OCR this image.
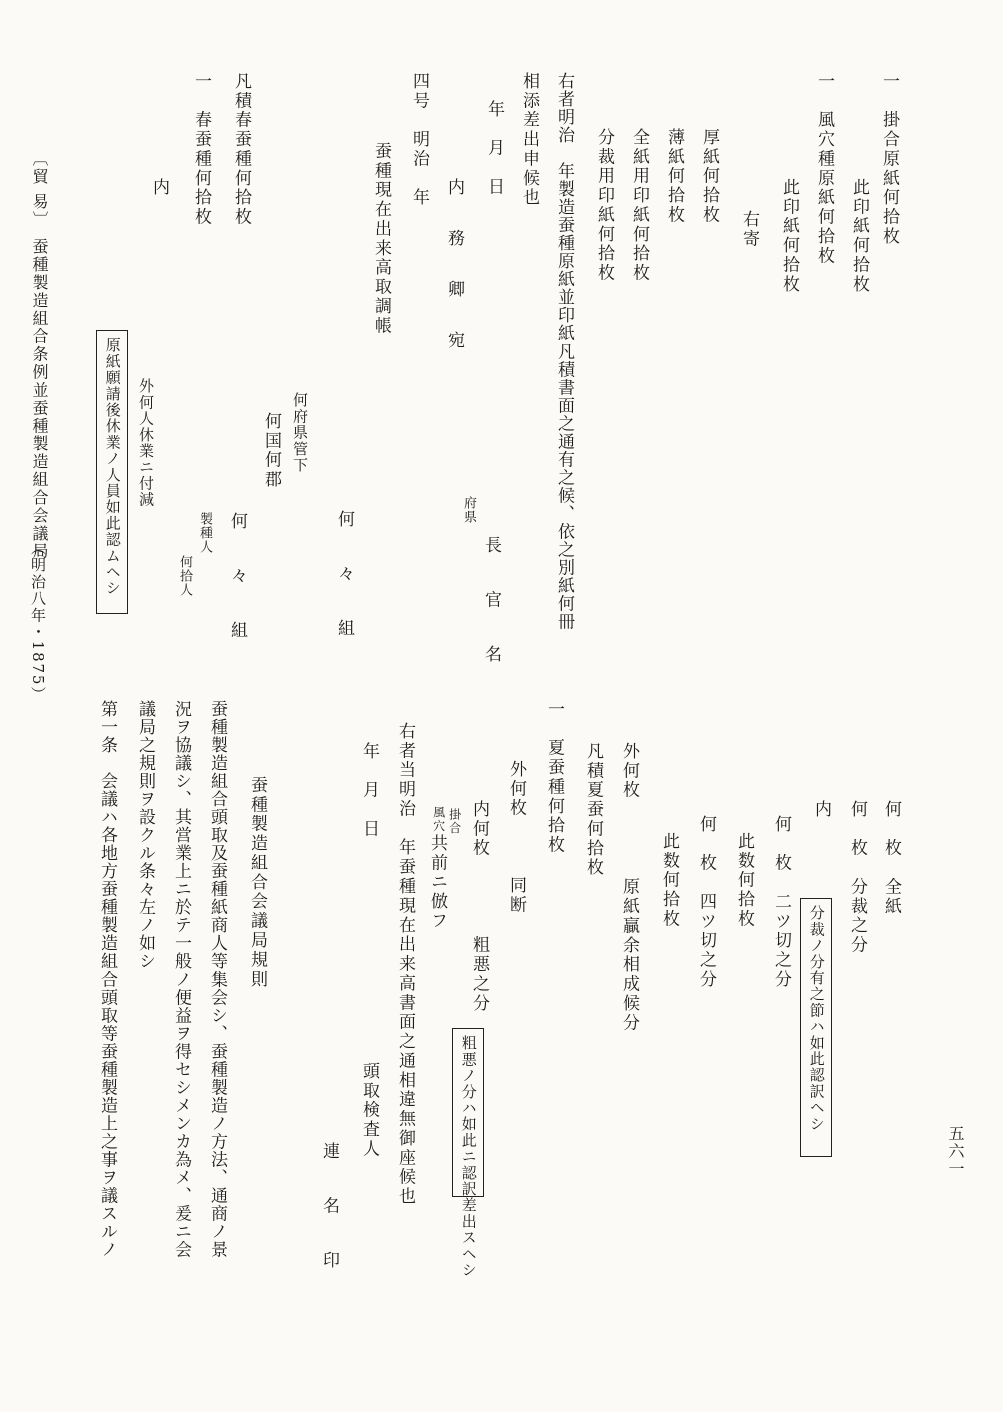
五六一
一　掛合原紙何拾枚
此印紙何拾枚
一　風穴種原紙何拾枚
此印紙何拾枚
右寄
厚紙何拾枚
薄紙何拾枚
全紙用印紙何拾枚
分裁用印紙何拾枚
右者明治　年製造蚕種原紙並印紙凡積書面之通有之候、依之別紙何冊
相添差出申候也
年　月　日
府県
長　官　名
内　務　卿　宛
四号　明治　年
何　々　組
蚕種現在出来高取調帳
何府県管下
何国何郡
何　々　組
製種人
何拾人
凡積春蚕種何拾枚
一　春蚕種何拾枚
外何人休業ニ付減
原紙願請後休業ノ人員如此認ムヘシ
内
〔貿 易〕
蚕種製造組合条例並蚕種製造組合会議局
（明治八年・1875）
何　枚　全紙
何　枚　分裁之分
内
分裁ノ分有之節ハ如此認訳ヘシ
何　枚　二ツ切之分
此数何拾枚
何　枚　四ツ切之分
此数何拾枚
外何枚　　　　原紙贏余相成候分
凡積夏蚕何拾枚
一　夏蚕種何拾枚
外何枚　　　同断
内何枚　　　　粗悪之分
粗悪ノ分ハ如此ニ認訳差出スヘシ
掛合
風穴
共前ニ倣フ
右者当明治　年蚕種現在出来高書面之通相違無御座候也
年　月　日
頭取検査人
連　名　印
蚕種製造組合会議局規則
蚕種製造組合頭取及蚕種紙商人等集会シ、蚕種製造ノ方法、通商ノ景
況ヲ協議シ、其営業上ニ於テ一般ノ便益ヲ得セシメンカ為メ、爰ニ会
議局之規則ヲ設クル条々左ノ如シ
第一条　会議ハ各地方蚕種製造組合頭取等蚕種製造上之事ヲ議スルノ
